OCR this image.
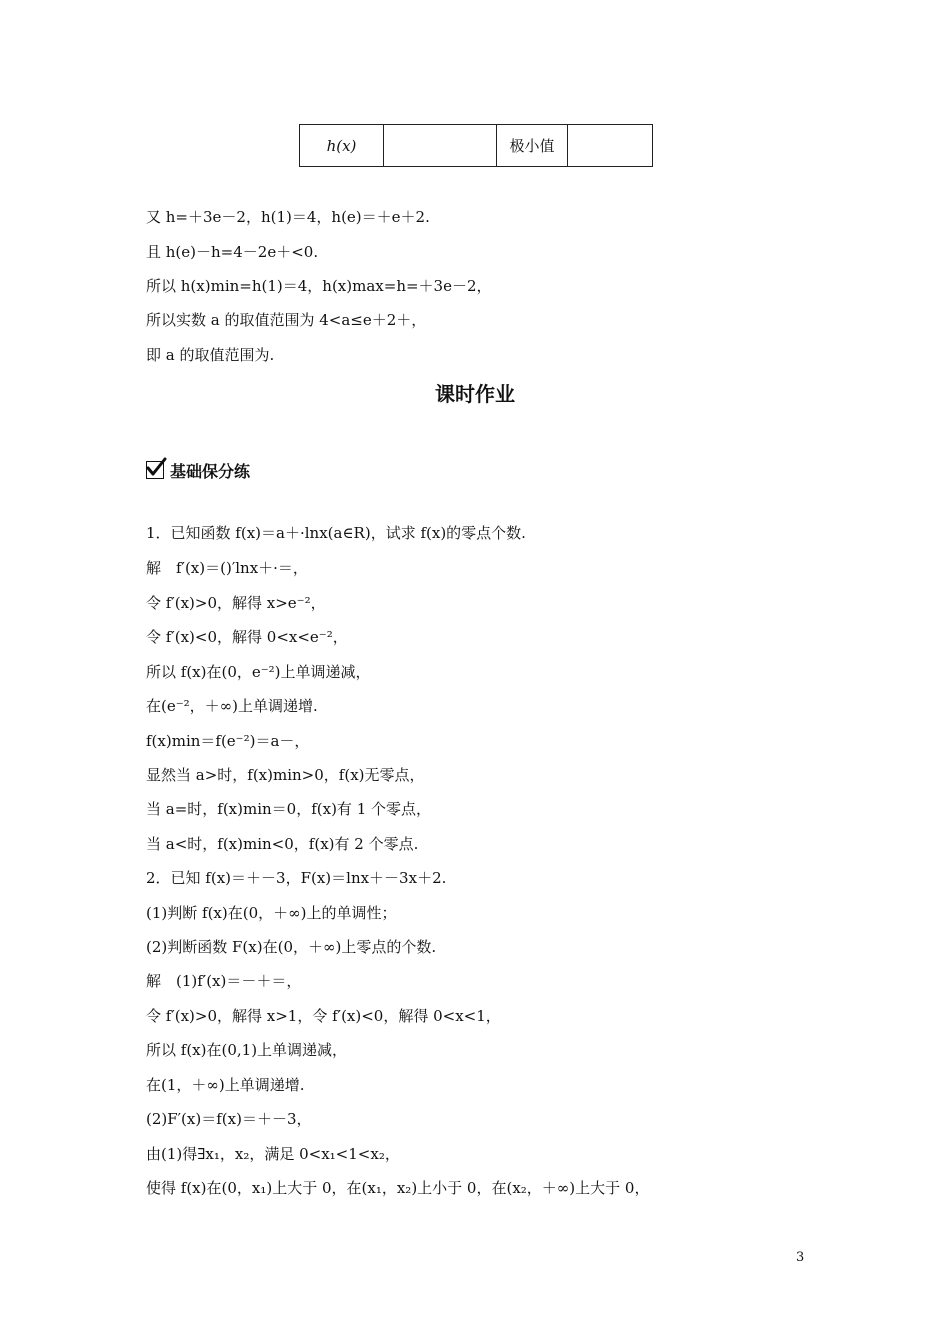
h(x)		极小值	
又 h=＋3e－2，h(1)＝4，h(e)＝＋e＋2.
且 h(e)－h=4－2e＋<0.
所以 h(x)min=h(1)＝4，h(x)max=h=＋3e－2，
所以实数 a 的取值范围为 4<a≤e＋2＋，
即 a 的取值范围为.
课时作业
基础保分练
1．已知函数 f(x)＝a＋·lnx(a∈R)，试求 f(x)的零点个数.
解　f′(x)＝()′lnx＋·＝，
令 f′(x)>0，解得 x>e⁻²，
令 f′(x)<0，解得 0<x<e⁻²，
所以 f(x)在(0，e⁻²)上单调递减，
在(e⁻²，＋∞)上单调递增.
f(x)min＝f(e⁻²)＝a－，
显然当 a>时，f(x)min>0，f(x)无零点，
当 a=时，f(x)min＝0，f(x)有 1 个零点，
当 a<时，f(x)min<0，f(x)有 2 个零点.
2．已知 f(x)＝＋－3，F(x)＝lnx＋－3x＋2.
(1)判断 f(x)在(0，＋∞)上的单调性；
(2)判断函数 F(x)在(0，＋∞)上零点的个数.
解　(1)f′(x)＝－＋＝，
令 f′(x)>0，解得 x>1，令 f′(x)<0，解得 0<x<1，
所以 f(x)在(0,1)上单调递减，
在(1，＋∞)上单调递增.
(2)F′(x)＝f(x)＝＋－3，
由(1)得∃x₁，x₂，满足 0<x₁<1<x₂，
使得 f(x)在(0，x₁)上大于 0，在(x₁，x₂)上小于 0，在(x₂，＋∞)上大于 0，
3
